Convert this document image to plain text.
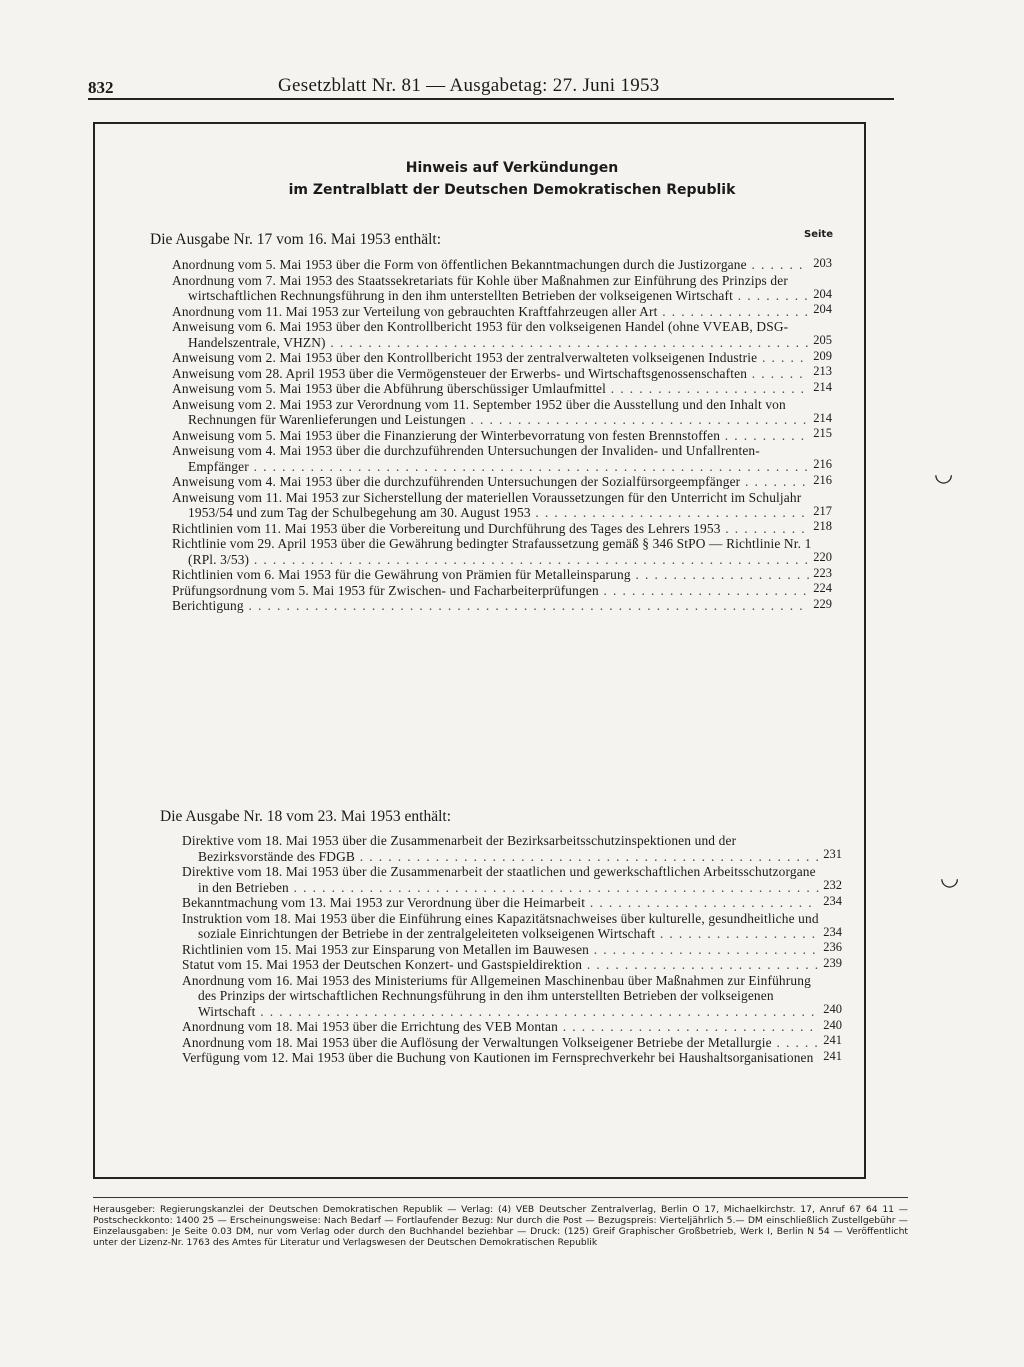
832	Gesetzblatt Nr. 81 — Ausgabetag: 27. Juni 1953
Hinweis auf Verkündungen
im Zentralblatt der Deutschen Demokratischen Republik
Seite
Die Ausgabe Nr. 17 vom 16. Mai 1953 enthält:
Anordnung vom 5. Mai 1953 über die Form von öffentlichen Bekanntmachungen durch die Justizorgane . . . . . . 203
Anordnung vom 7. Mai 1953 des Staatssekretariats für Kohle über Maßnahmen zur Einführung des Prinzips der wirtschaftlichen Rechnungsführung in den ihm unterstellten Betrieben der volkseigenen Wirtschaft . . . . . . . . 204
Anordnung vom 11. Mai 1953 zur Verteilung von gebrauchten Kraftfahrzeugen aller Art . . . . . . . . . . . . . . . . 204
Anweisung vom 6. Mai 1953 über den Kontrollbericht 1953 für den volkseigenen Handel (ohne VVEAB, DSG-Handelszentrale, VHZN) . . . . . . . . . . . . . . . . . . . . . . . . . . . . . . . . . . . . . . . . . . . . . . . . . . . 205
Anweisung vom 2. Mai 1953 über den Kontrollbericht 1953 der zentralverwalteten volkseigenen Industrie . . . . . 209
Anweisung vom 28. April 1953 über die Vermögensteuer der Erwerbs- und Wirtschaftsgenossenschaften . . . . . . 213
Anweisung vom 5. Mai 1953 über die Abführung überschüssiger Umlaufmittel . . . . . . . . . . . . . . . . . . . . . 214
Anweisung vom 2. Mai 1953 zur Verordnung vom 11. September 1952 über die Ausstellung und den Inhalt von Rechnungen für Warenlieferungen und Leistungen . . . . . . . . . . . . . . . . . . . . . . . . . . . . . . . . . . . . 214
Anweisung vom 5. Mai 1953 über die Finanzierung der Winterbevorratung von festen Brennstoffen . . . . . . . . . 215
Anweisung vom 4. Mai 1953 über die durchzuführenden Untersuchungen der Invaliden- und Unfallrenten-Empfänger . . . . . . . . . . . . . . . . . . . . . . . . . . . . . . . . . . . . . . . . . . . . . . . . . . . . . . . . . . . 216
Anweisung vom 4. Mai 1953 über die durchzuführenden Untersuchungen der Sozialfürsorgeempfänger . . . . . . . 216
Anweisung vom 11. Mai 1953 zur Sicherstellung der materiellen Voraussetzungen für den Unterricht im Schuljahr 1953/54 und zum Tag der Schulbegehung am 30. August 1953 . . . . . . . . . . . . . . . . . . . . . . . . . . . . . 217
Richtlinien vom 11. Mai 1953 über die Vorbereitung und Durchführung des Tages des Lehrers 1953 . . . . . . . . . 218
Richtlinie vom 29. April 1953 über die Gewährung bedingter Strafaussetzung gemäß § 346 StPO — Richtlinie Nr. 1 (RPl. 3/53) . . . . . . . . . . . . . . . . . . . . . . . . . . . . . . . . . . . . . . . . . . . . . . . . . . . . . . . . . . . 220
Richtlinien vom 6. Mai 1953 für die Gewährung von Prämien für Metalleinsparung . . . . . . . . . . . . . . . . . . . 223
Prüfungsordnung vom 5. Mai 1953 für Zwischen- und Facharbeiterprüfungen . . . . . . . . . . . . . . . . . . . . . . 224
Berichtigung . . . . . . . . . . . . . . . . . . . . . . . . . . . . . . . . . . . . . . . . . . . . . . . . . . . . . . . . . . . 229
Die Ausgabe Nr. 18 vom 23. Mai 1953 enthält:
Direktive vom 18. Mai 1953 über die Zusammenarbeit der Bezirksarbeitsschutzinspektionen und der Bezirksvorstände des FDGB . . . . . . . . . . . . . . . . . . . . . . . . . . . . . . . . . . . . . . . . . . . . . . . . . 231
Direktive vom 18. Mai 1953 über die Zusammenarbeit der staatlichen und gewerkschaftlichen Arbeitsschutzorgane in den Betrieben . . . . . . . . . . . . . . . . . . . . . . . . . . . . . . . . . . . . . . . . . . . . . . . . . . . . . . . . 232
Bekanntmachung vom 13. Mai 1953 zur Verordnung über die Heimarbeit . . . . . . . . . . . . . . . . . . . . . . . . 234
Instruktion vom 18. Mai 1953 über die Einführung eines Kapazitätsnachweises über kulturelle, gesundheitliche und soziale Einrichtungen der Betriebe in der zentralgeleiteten volkseigenen Wirtschaft . . . . . . . . . . . . . . . . . 234
Richtlinien vom 15. Mai 1953 zur Einsparung von Metallen im Bauwesen . . . . . . . . . . . . . . . . . . . . . . . . 236
Statut vom 15. Mai 1953 der Deutschen Konzert- und Gastspieldirektion . . . . . . . . . . . . . . . . . . . . . . . . . 239
Anordnung vom 16. Mai 1953 des Ministeriums für Allgemeinen Maschinenbau über Maßnahmen zur Einführung des Prinzips der wirtschaftlichen Rechnungsführung in den ihm unterstellten Betrieben der volkseigenen Wirtschaft . . . . . . . . . . . . . . . . . . . . . . . . . . . . . . . . . . . . . . . . . . . . . . . . . . . . . . . . . . . 240
Anordnung vom 18. Mai 1953 über die Errichtung des VEB Montan . . . . . . . . . . . . . . . . . . . . . . . . . . . 240
Anordnung vom 18. Mai 1953 über die Auflösung der Verwaltungen Volkseigener Betriebe der Metallurgie . . . . . 241
Verfügung vom 12. Mai 1953 über die Buchung von Kautionen im Fernsprechverkehr bei Haushaltsorganisationen 241
Herausgeber: Regierungskanzlei der Deutschen Demokratischen Republik — Verlag: (4) VEB Deutscher Zentralverlag, Berlin O 17, Michaelkirchstr. 17, Anruf 67 64 11 — Postscheckkonto: 1400 25 — Erscheinungsweise: Nach Bedarf — Fortlaufender Bezug: Nur durch die Post — Bezugspreis: Vierteljährlich 5.— DM einschließlich Zustellgebühr — Einzelausgaben: Je Seite 0.03 DM, nur vom Verlag oder durch den Buchhandel beziehbar — Druck: (125) Greif Graphischer Großbetrieb, Werk I, Berlin N 54 — Veröffentlicht unter der Lizenz-Nr. 1763 des Amtes für Literatur und Verlagswesen der Deutschen Demokratischen Republik
◡
◡
